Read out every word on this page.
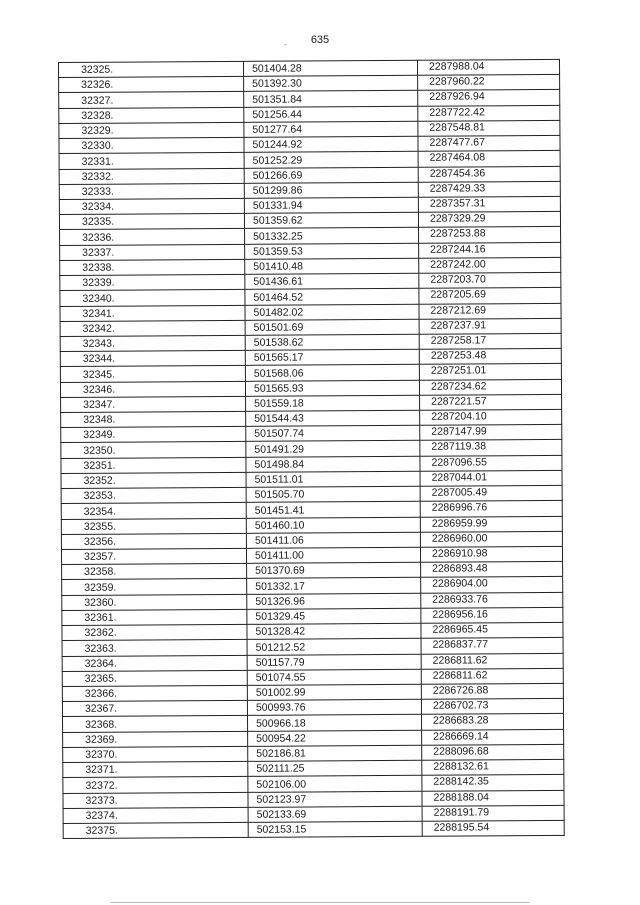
635
-
32325.	501404.28	2287988.04
32326.	501392.30	2287960.22
32327.	501351.84	2287926.94
32328.	501256.44	2287722.42
32329.	501277.64	2287548.81
32330.	501244.92	2287477.67
32331.	501252.29	2287464.08
32332.	501266.69	2287454.36
32333.	501299.86	2287429.33
32334.	501331.94	2287357.31
32335.	501359.62	2287329.29
32336.	501332.25	2287253.88
32337.	501359.53	2287244.16
32338.	501410.48	2287242.00
32339.	501436.61	2287203.70
32340.	501464.52	2287205.69
32341.	501482.02	2287212.69
32342.	501501.69	2287237.91
32343.	501538.62	2287258.17
32344.	501565.17	2287253.48
32345.	501568.06	2287251.01
32346.	501565.93	2287234.62
32347.	501559.18	2287221.57
32348.	501544.43	2287204.10
32349.	501507.74	2287147.99
32350.	501491.29	2287119.38
32351.	501498.84	2287096.55
32352.	501511.01	2287044.01
32353.	501505.70	2287005.49
32354.	501451.41	2286996.76
32355.	501460.10	2286959.99
32356.	501411.06	2286960.00
32357.	501411.00	2286910.98
32358.	501370.69	2286893.48
32359.	501332.17	2286904.00
32360.	501326.96	2286933.76
32361.	501329.45	2286956.16
32362.	501328.42	2286965.45
32363.	501212.52	2286837.77
32364.	501157.79	2286811.62
32365.	501074.55	2286811.62
32366.	501002.99	2286726.88
32367.	500993.76	2286702.73
32368.	500966.18	2286683.28
32369.	500954.22	2286669.14
32370.	502186.81	2288096.68
32371.	502111.25	2288132.61
32372.	502106.00	2288142.35
32373.	502123.97	2288188.04
32374.	502133.69	2288191.79
32375.	502153.15	2288195.54
